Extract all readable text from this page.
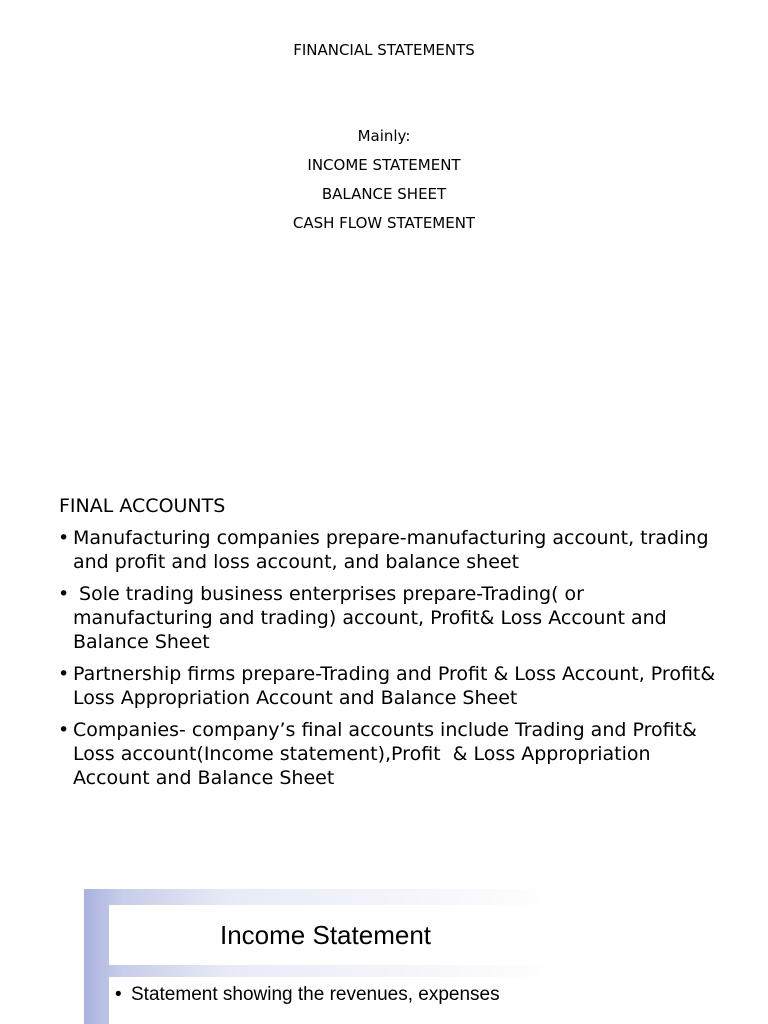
FINANCIAL STATEMENTS
Mainly:
INCOME STATEMENT
BALANCE SHEET
CASH FLOW STATEMENT
FINAL ACCOUNTS
• Manufacturing companies prepare-manufacturing account, trading and profit and loss account, and balance sheet
• Sole trading business enterprises prepare-Trading( or manufacturing and trading) account, Profit& Loss Account and Balance Sheet
• Partnership firms prepare-Trading and Profit & Loss Account, Profit& Loss Appropriation Account and Balance Sheet
• Companies- company’s final accounts include Trading and Profit& Loss account(Income statement),Profit  & Loss Appropriation Account and Balance Sheet
Income Statement
• Statement showing the revenues, expenses
